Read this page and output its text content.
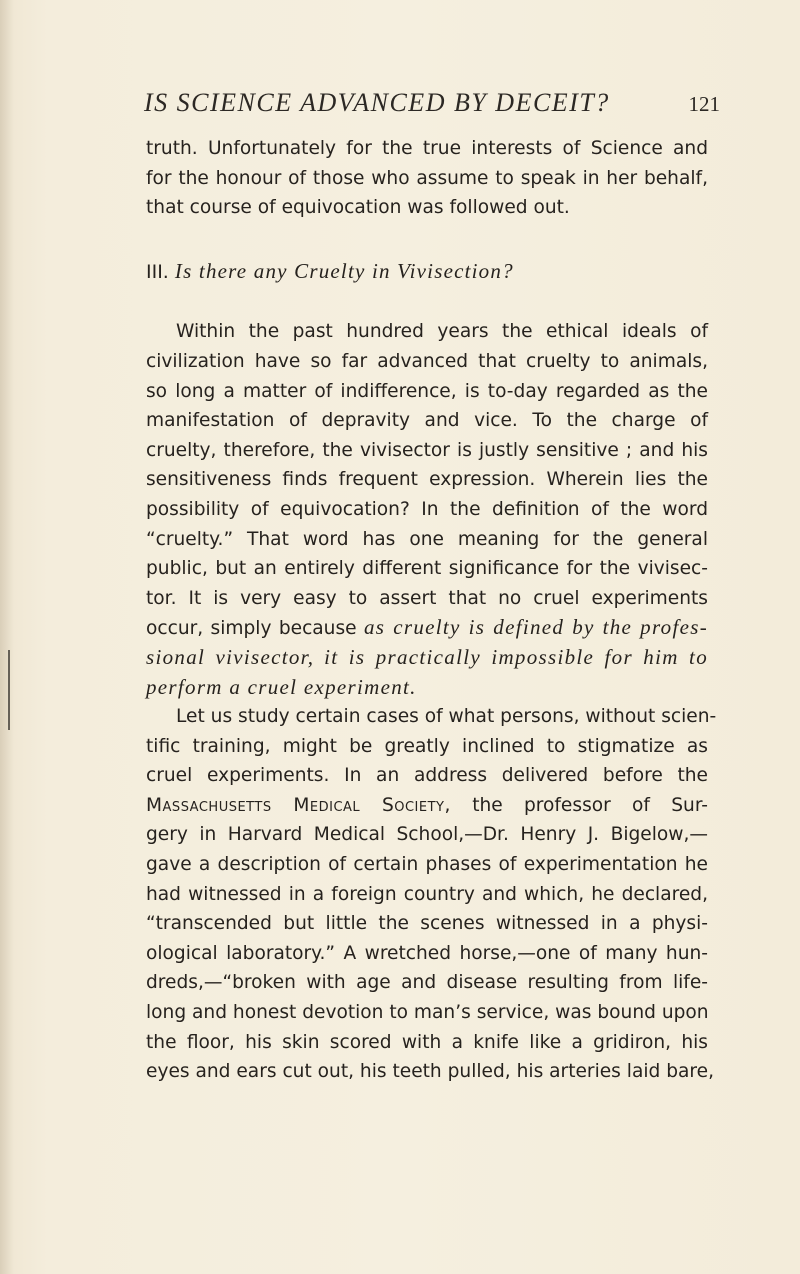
IS SCIENCE ADVANCED BY DECEIT?	121
truth. Unfortunately for the true interests of Science and
for the honour of those who assume to speak in her behalf,
that course of equivocation was followed out.
III. Is there any Cruelty in Vivisection?
Within the past hundred years the ethical ideals of
civilization have so far advanced that cruelty to animals,
so long a matter of indifference, is to-day regarded as the
manifestation of depravity and vice. To the charge of
cruelty, therefore, the vivisector is justly sensitive ; and his
sensitiveness finds frequent expression. Wherein lies the
possibility of equivocation? In the definition of the word
“cruelty.” That word has one meaning for the general
public, but an entirely different significance for the vivisec-
tor. It is very easy to assert that no cruel experiments
occur, simply because as cruelty is defined by the profes-
sional vivisector, it is practically impossible for him to
perform a cruel experiment.
Let us study certain cases of what persons, without scien-
tific training, might be greatly inclined to stigmatize as
cruel experiments. In an address delivered before the
Massachusetts Medical Society, the professor of Sur-
gery in Harvard Medical School,—Dr. Henry J. Bigelow,—
gave a description of certain phases of experimentation he
had witnessed in a foreign country and which, he declared,
“transcended but little the scenes witnessed in a physi-
ological laboratory.” A wretched horse,—one of many hun-
dreds,—“broken with age and disease resulting from life-
long and honest devotion to man’s service, was bound upon
the floor, his skin scored with a knife like a gridiron, his
eyes and ears cut out, his teeth pulled, his arteries laid bare,
